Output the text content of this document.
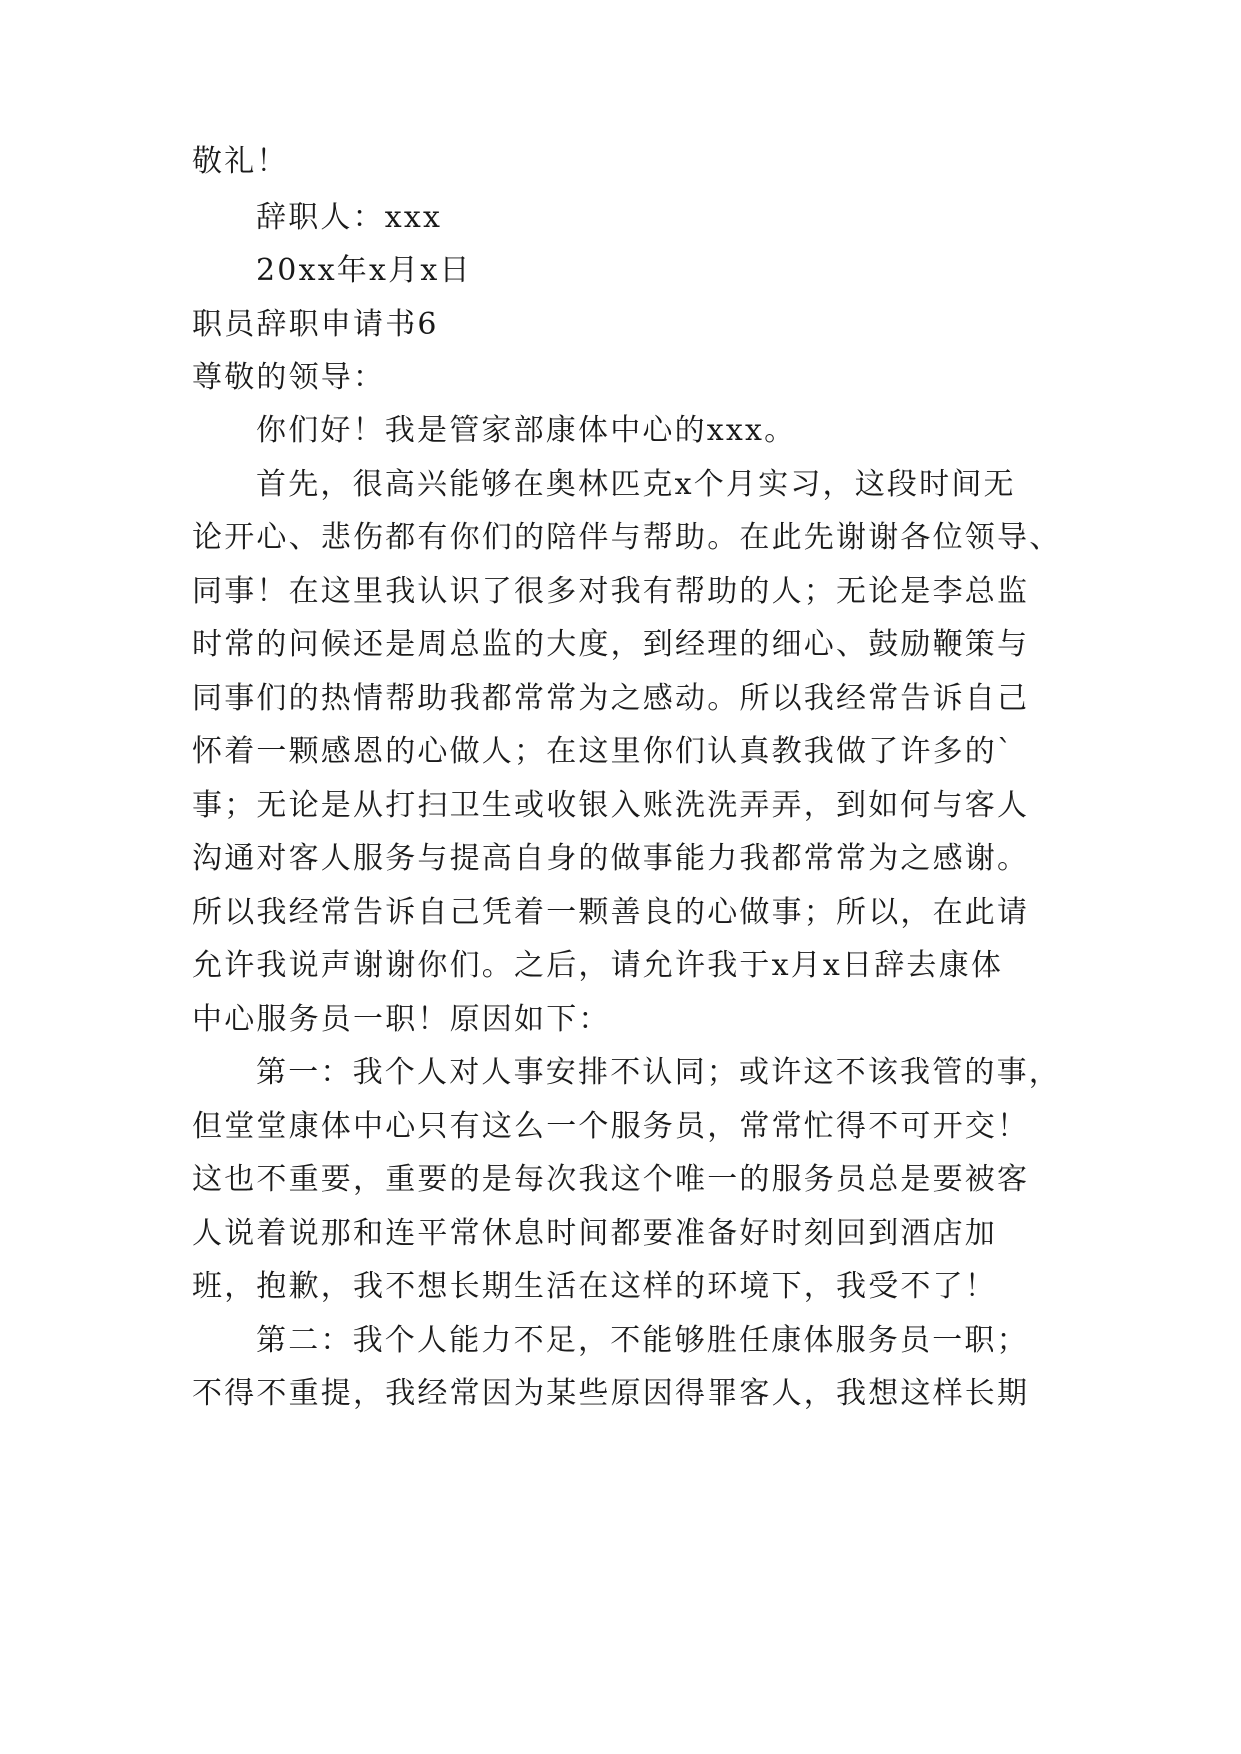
敬礼！
辞职人：xxx
20xx年x月x日
职员辞职申请书6
尊敬的领导：
你们好！我是管家部康体中心的xxx。
首先，很高兴能够在奥林匹克x个月实习，这段时间无
论开心、悲伤都有你们的陪伴与帮助。在此先谢谢各位领导、
同事！在这里我认识了很多对我有帮助的人；无论是李总监
时常的问候还是周总监的大度，到经理的细心、鼓励鞭策与
同事们的热情帮助我都常常为之感动。所以我经常告诉自己
怀着一颗感恩的心做人；在这里你们认真教我做了许多的`
事；无论是从打扫卫生或收银入账洗洗弄弄，到如何与客人
沟通对客人服务与提高自身的做事能力我都常常为之感谢。
所以我经常告诉自己凭着一颗善良的心做事；所以，在此请
允许我说声谢谢你们。之后，请允许我于x月x日辞去康体
中心服务员一职！原因如下：
第一：我个人对人事安排不认同；或许这不该我管的事，
但堂堂康体中心只有这么一个服务员，常常忙得不可开交！
这也不重要，重要的是每次我这个唯一的服务员总是要被客
人说着说那和连平常休息时间都要准备好时刻回到酒店加
班，抱歉，我不想长期生活在这样的环境下，我受不了！
第二：我个人能力不足，不能够胜任康体服务员一职；
不得不重提，我经常因为某些原因得罪客人，我想这样长期
